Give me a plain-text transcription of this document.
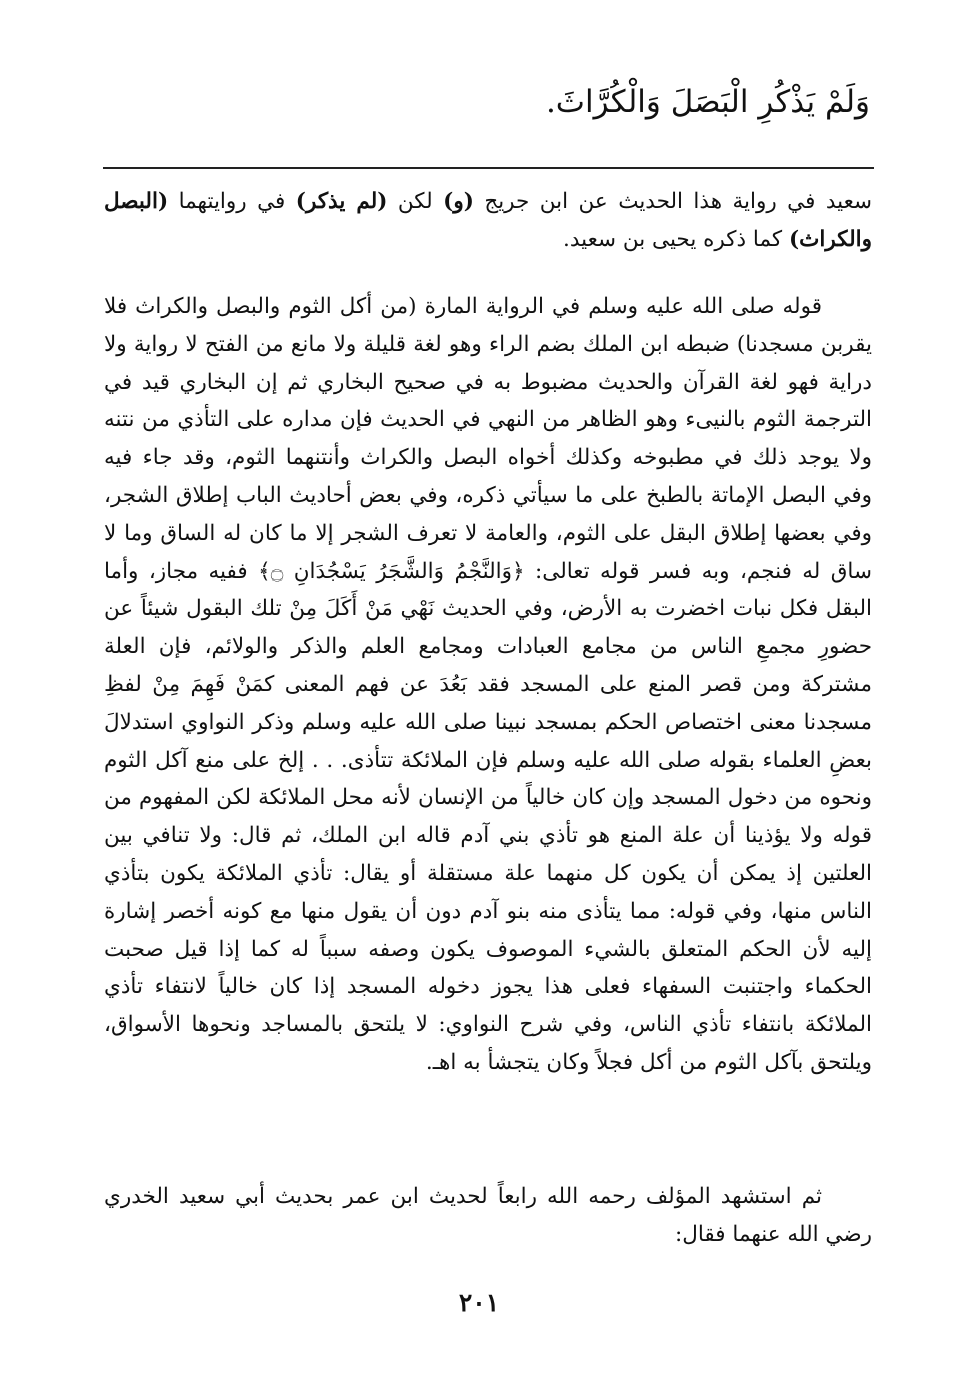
وَلَمْ يَذْكُرِ الْبَصَلَ وَالْكُرَّاثَ.

سعيد في رواية هذا الحديث عن ابن جريج (و) لكن (لم يذكر) في روايتهما (البصل والكراث) كما ذكره يحيى بن سعيد.

قوله صلى الله عليه وسلم في الرواية المارة (من أكل الثوم والبصل والكراث فلا يقربن مسجدنا) ضبطه ابن الملك بضم الراء وهو لغة قليلة ولا مانع من الفتح لا رواية ولا دراية فهو لغة القرآن والحديث مضبوط به في صحيح البخاري ثم إن البخاري قيد في الترجمة الثوم بالنيىء وهو الظاهر من النهي في الحديث فإن مداره على التأذي من نتنه ولا يوجد ذلك في مطبوخه وكذلك أخواه البصل والكراث وأنتنهما الثوم، وقد جاء فيه وفي البصل الإماتة بالطبخ على ما سيأتي ذكره، وفي بعض أحاديث الباب إطلاق الشجر، وفي بعضها إطلاق البقل على الثوم، والعامة لا تعرف الشجر إلا ما كان له الساق وما لا ساق له فنجم، وبه فسر قوله تعالى: ﴿وَالنَّجْمُ وَالشَّجَرُ يَسْجُدَانِ ۝﴾ ففيه مجاز، وأما البقل فكل نبات اخضرت به الأرض، وفي الحديث نَهْي مَنْ أَكَلَ مِنْ تلك البقول شيئاً عن حضورِ مجمعِ الناس من مجامع العبادات ومجامع العلم والذكر والولائم، فإن العلة مشتركة ومن قصر المنع على المسجد فقد بَعُدَ عن فهم المعنى كمَنْ فَهِمَ مِنْ لفظِ مسجدنا معنى اختصاص الحكم بمسجد نبينا صلى الله عليه وسلم وذكر النواوي استدلالَ بعضِ العلماء بقوله صلى الله عليه وسلم فإن الملائكة تتأذى. . . إلخ على منع آكل الثوم ونحوه من دخول المسجد وإن كان خالياً من الإنسان لأنه محل الملائكة لكن المفهوم من قوله ولا يؤذينا أن علة المنع هو تأذي بني آدم قاله ابن الملك، ثم قال: ولا تنافي بين العلتين إذ يمكن أن يكون كل منهما علة مستقلة أو يقال: تأذي الملائكة يكون بتأذي الناس منها، وفي قوله: مما يتأذى منه بنو آدم دون أن يقول منها مع كونه أخصر إشارة إليه لأن الحكم المتعلق بالشيء الموصوف يكون وصفه سبباً له كما إذا قيل صحبت الحكماء واجتنبت السفهاء فعلى هذا يجوز دخوله المسجد إذا كان خالياً لانتفاء تأذي الملائكة بانتفاء تأذي الناس، وفي شرح النواوي: لا يلتحق بالمساجد ونحوها الأسواق، ويلتحق بآكل الثوم من أكل فجلاً وكان يتجشأ به اهـ.

ثم استشهد المؤلف رحمه الله رابعاً لحديث ابن عمر بحديث أبي سعيد الخدري رضي الله عنهما فقال:

٢٠١
